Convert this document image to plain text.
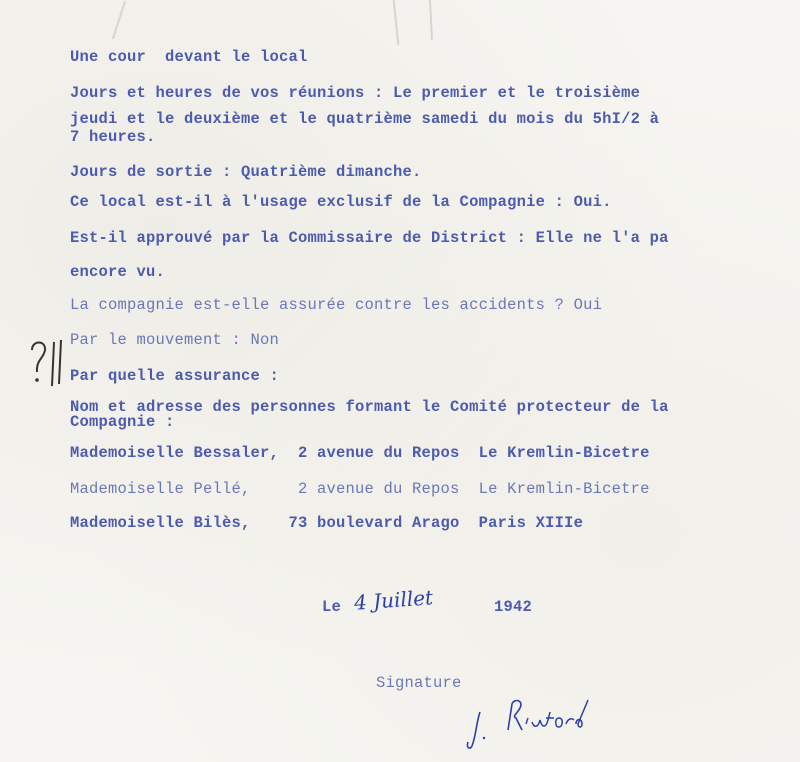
Une cour  devant le local
Jours et heures de vos réunions : Le premier et le troisième
jeudi et le deuxième et le quatrième samedi du mois du 5hI/2 à
7 heures.
Jours de sortie : Quatrième dimanche.
Ce local est-il à l'usage exclusif de la Compagnie : Oui.
Est-il approuvé par la Commissaire de District : Elle ne l'a pa
encore vu.
La compagnie est-elle assurée contre les accidents ? Oui
Par le mouvement : Non
Par quelle assurance :
Nom et adresse des personnes formant le Comité protecteur de la
Compagnie :
Mademoiselle Bessaler,  2 avenue du Repos  Le Kremlin-Bicetre
Mademoiselle Pellé,     2 avenue du Repos  Le Kremlin-Bicetre
Mademoiselle Bilès,    73 boulevard Arago  Paris XIIIe
Le 4 Juillet	1942
Signature
